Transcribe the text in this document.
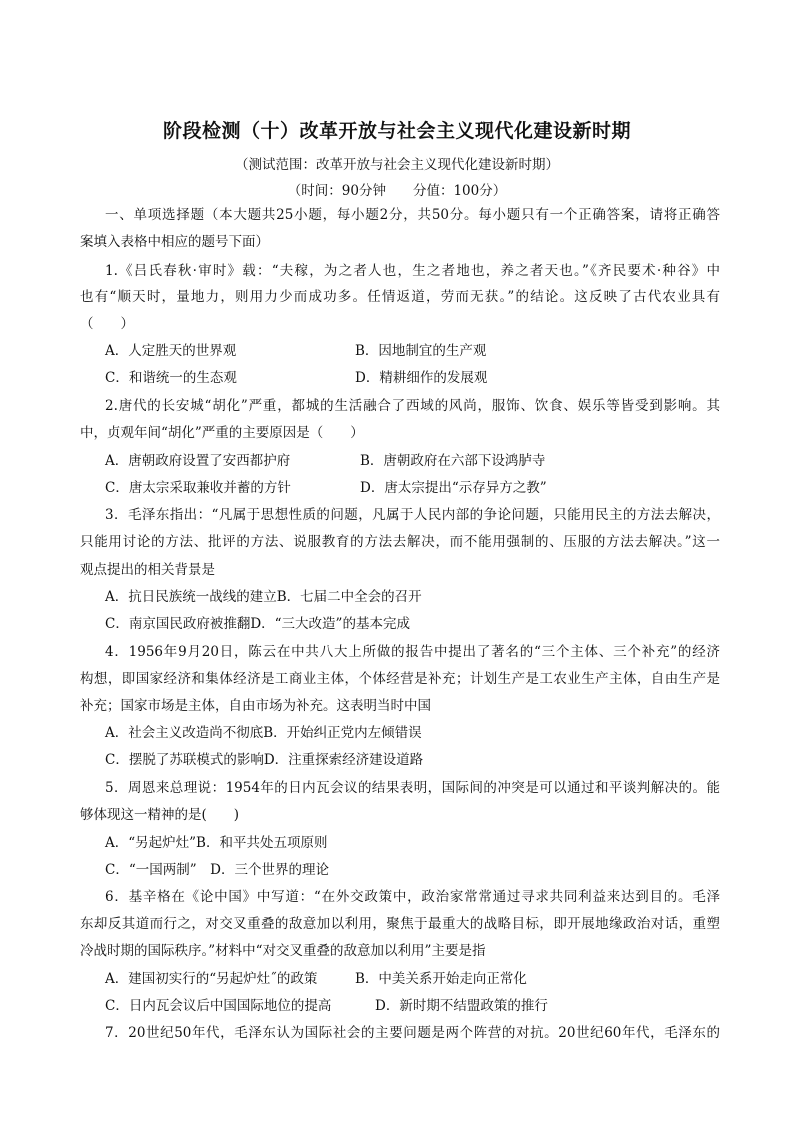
阶段检测（十）改革开放与社会主义现代化建设新时期
（测试范围：改革开放与社会主义现代化建设新时期）
（时间：90分钟　　分值：100分）
一、单项选择题（本大题共25小题，每小题2分，共50分。每小题只有一个正确答案，请将正确答
案填入表格中相应的题号下面）
1.《吕氏春秋·审时》载：“夫稼，为之者人也，生之者地也，养之者天也。”《齐民要术·种谷》中
也有“顺天时，量地力，则用力少而成功多。任情返道，劳而无获。”的结论。这反映了古代农业具有
（　　）
A．人定胜天的世界观	B．因地制宜的生产观
C．和谐统一的生态观	D．精耕细作的发展观
2.唐代的长安城“胡化”严重，都城的生活融合了西域的风尚，服饰、饮食、娱乐等皆受到影响。其
中，贞观年间“胡化”严重的主要原因是（　　）
A．唐朝政府设置了安西都护府	B．唐朝政府在六部下设鸿胪寺
C．唐太宗采取兼收并蓄的方针	D．唐太宗提出“示存异方之教”
3．毛泽东指出：“凡属于思想性质的问题，凡属于人民内部的争论问题，只能用民主的方法去解决，
只能用讨论的方法、批评的方法、说服教育的方法去解决，而不能用强制的、压服的方法去解决。”这一
观点提出的相关背景是
A．抗日民族统一战线的建立B．七届二中全会的召开
C．南京国民政府被推翻D．“三大改造”的基本完成
4．1956年9月20日，陈云在中共八大上所做的报告中提出了著名的“三个主体、三个补充”的经济
构想，即国家经济和集体经济是工商业主体，个体经营是补充；计划生产是工农业生产主体，自由生产是
补充；国家市场是主体，自由市场为补充。这表明当时中国
A．社会主义改造尚不彻底B．开始纠正党内左倾错误
C．摆脱了苏联模式的影响D．注重探索经济建设道路
5．周恩来总理说：1954年的日内瓦会议的结果表明，国际间的冲突是可以通过和平谈判解决的。能
够体现这一精神的是(　　)
A．“另起炉灶”B．和平共处五项原则
C．“一国两制”　D．三个世界的理论
6．基辛格在《论中国》中写道：“在外交政策中，政治家常常通过寻求共同利益来达到目的。毛泽
东却反其道而行之，对交叉重叠的敌意加以利用，聚焦于最重大的战略目标，即开展地缘政治对话，重塑
冷战时期的国际秩序。”材料中“对交叉重叠的敌意加以利用”主要是指
A．建国初实行的“另起炉灶˝的政策	B．中美关系开始走向正常化
C．日内瓦会议后中国国际地位的提高	D．新时期不结盟政策的推行
7．20世纪50年代，毛泽东认为国际社会的主要问题是两个阵营的对抗。20世纪60年代，毛泽东的
